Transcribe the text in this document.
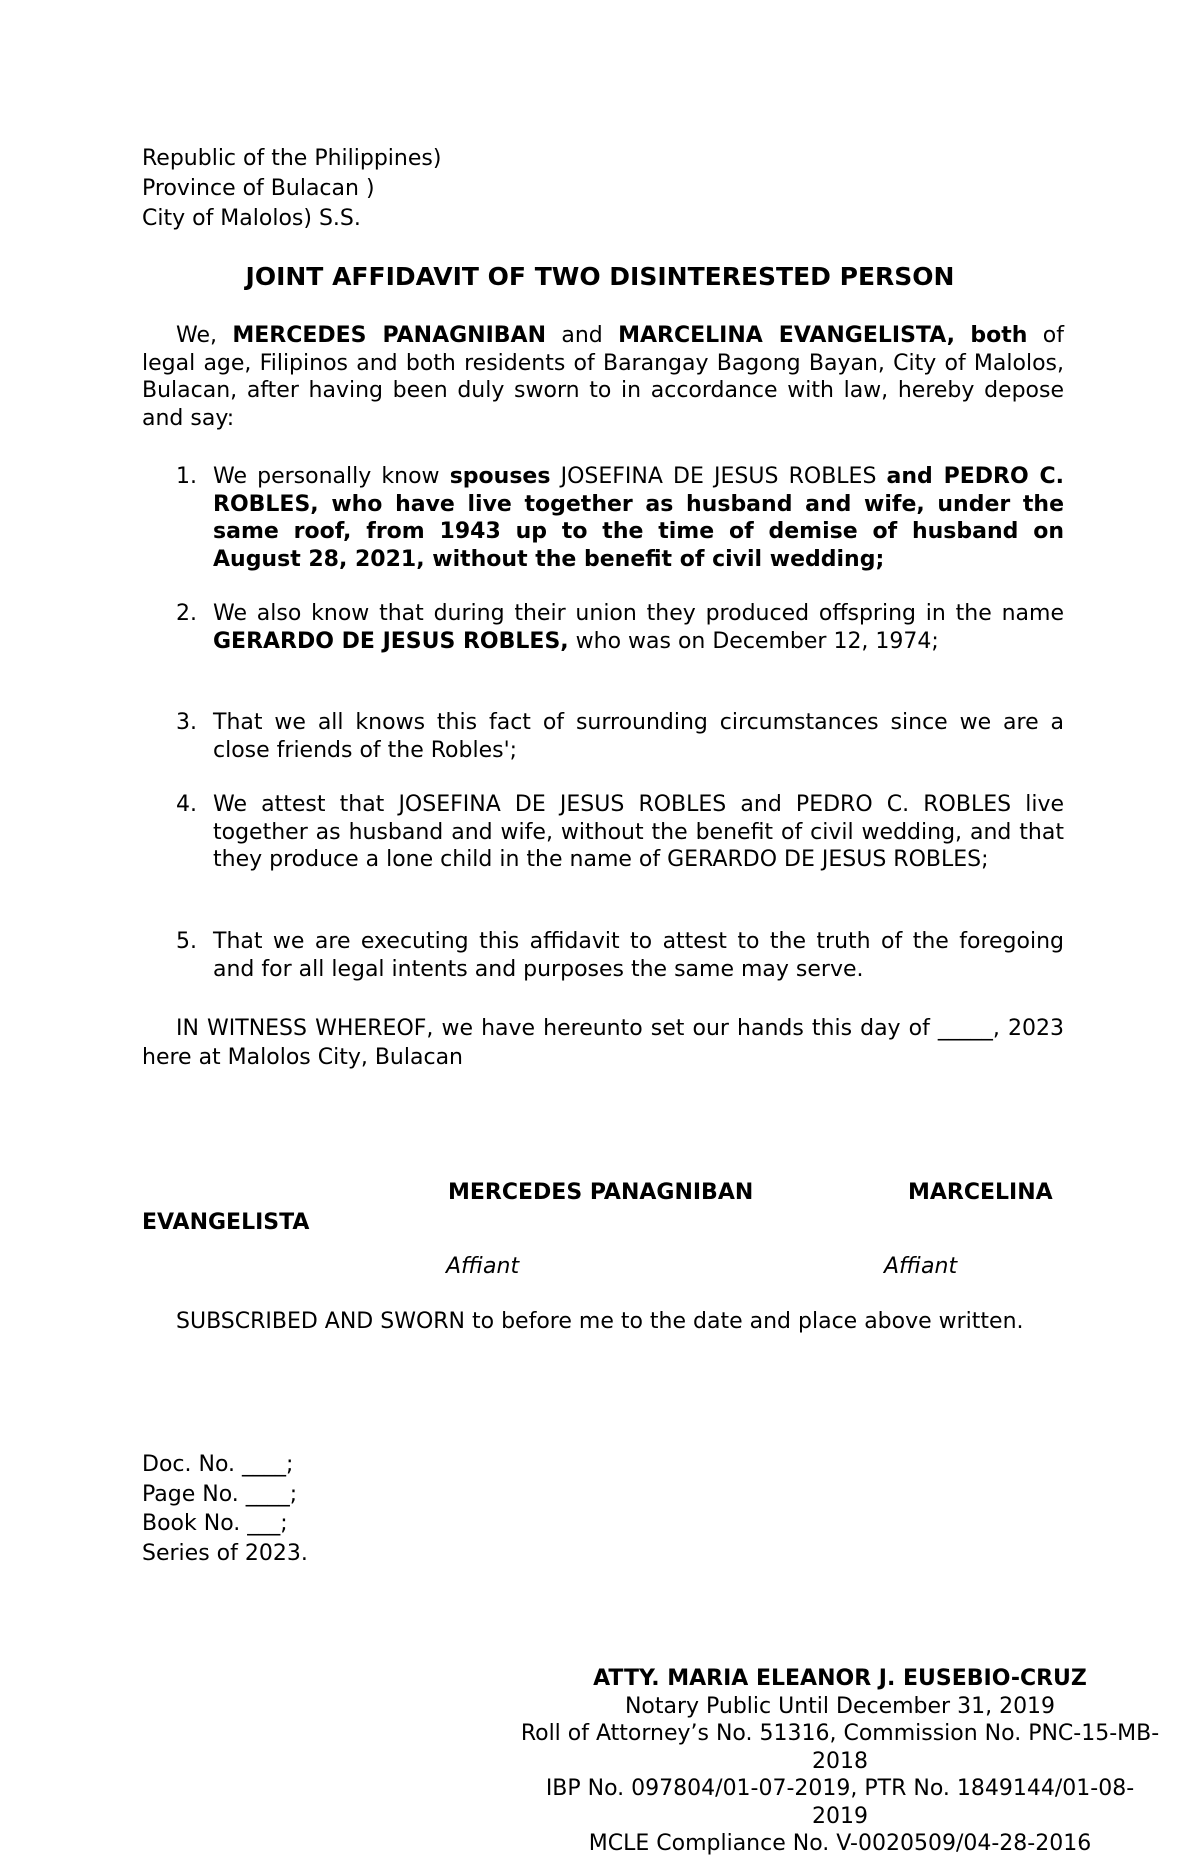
Republic of the Philippines)
Province of Bulacan )
City of Malolos) S.S.
JOINT AFFIDAVIT OF TWO DISINTERESTED PERSON
We, MERCEDES PANAGNIBAN and MARCELINA EVANGELISTA, both of legal age, Filipinos and both residents of Barangay Bagong Bayan, City of Malolos, Bulacan, after having been duly sworn to in accordance with law, hereby depose and say:
1. We personally know spouses JOSEFINA DE JESUS ROBLES and PEDRO C. ROBLES, who have live together as husband and wife, under the same roof, from 1943 up to the time of demise of husband on August 28, 2021, without the benefit of civil wedding;
2. We also know that during their union they produced offspring in the name GERARDO DE JESUS ROBLES, who was on December 12, 1974;
3. That we all knows this fact of surrounding circumstances since we are a close friends of the Robles';
4. We attest that JOSEFINA DE JESUS ROBLES and PEDRO C. ROBLES live together as husband and wife, without the benefit of civil wedding, and that they produce a lone child in the name of GERARDO DE JESUS ROBLES;
5. That we are executing this affidavit to attest to the truth of the foregoing and for all legal intents and purposes the same may serve.
IN WITNESS WHEREOF, we have hereunto set our hands this day of _____, 2023 here at Malolos City, Bulacan
MERCEDES PANAGNIBAN	MARCELINA
EVANGELISTA
Affiant	Affiant
SUBSCRIBED AND SWORN to before me to the date and place above written.
Doc. No. ____;
Page No. ____;
Book No. ___;
Series of 2023.
ATTY. MARIA ELEANOR J. EUSEBIO-CRUZ
Notary Public Until December 31, 2019
Roll of Attorney’s No. 51316, Commission No. PNC-15-MB-2018
IBP No. 097804/01-07-2019, PTR No. 1849144/01-08-2019
MCLE Compliance No. V-0020509/04-28-2016
